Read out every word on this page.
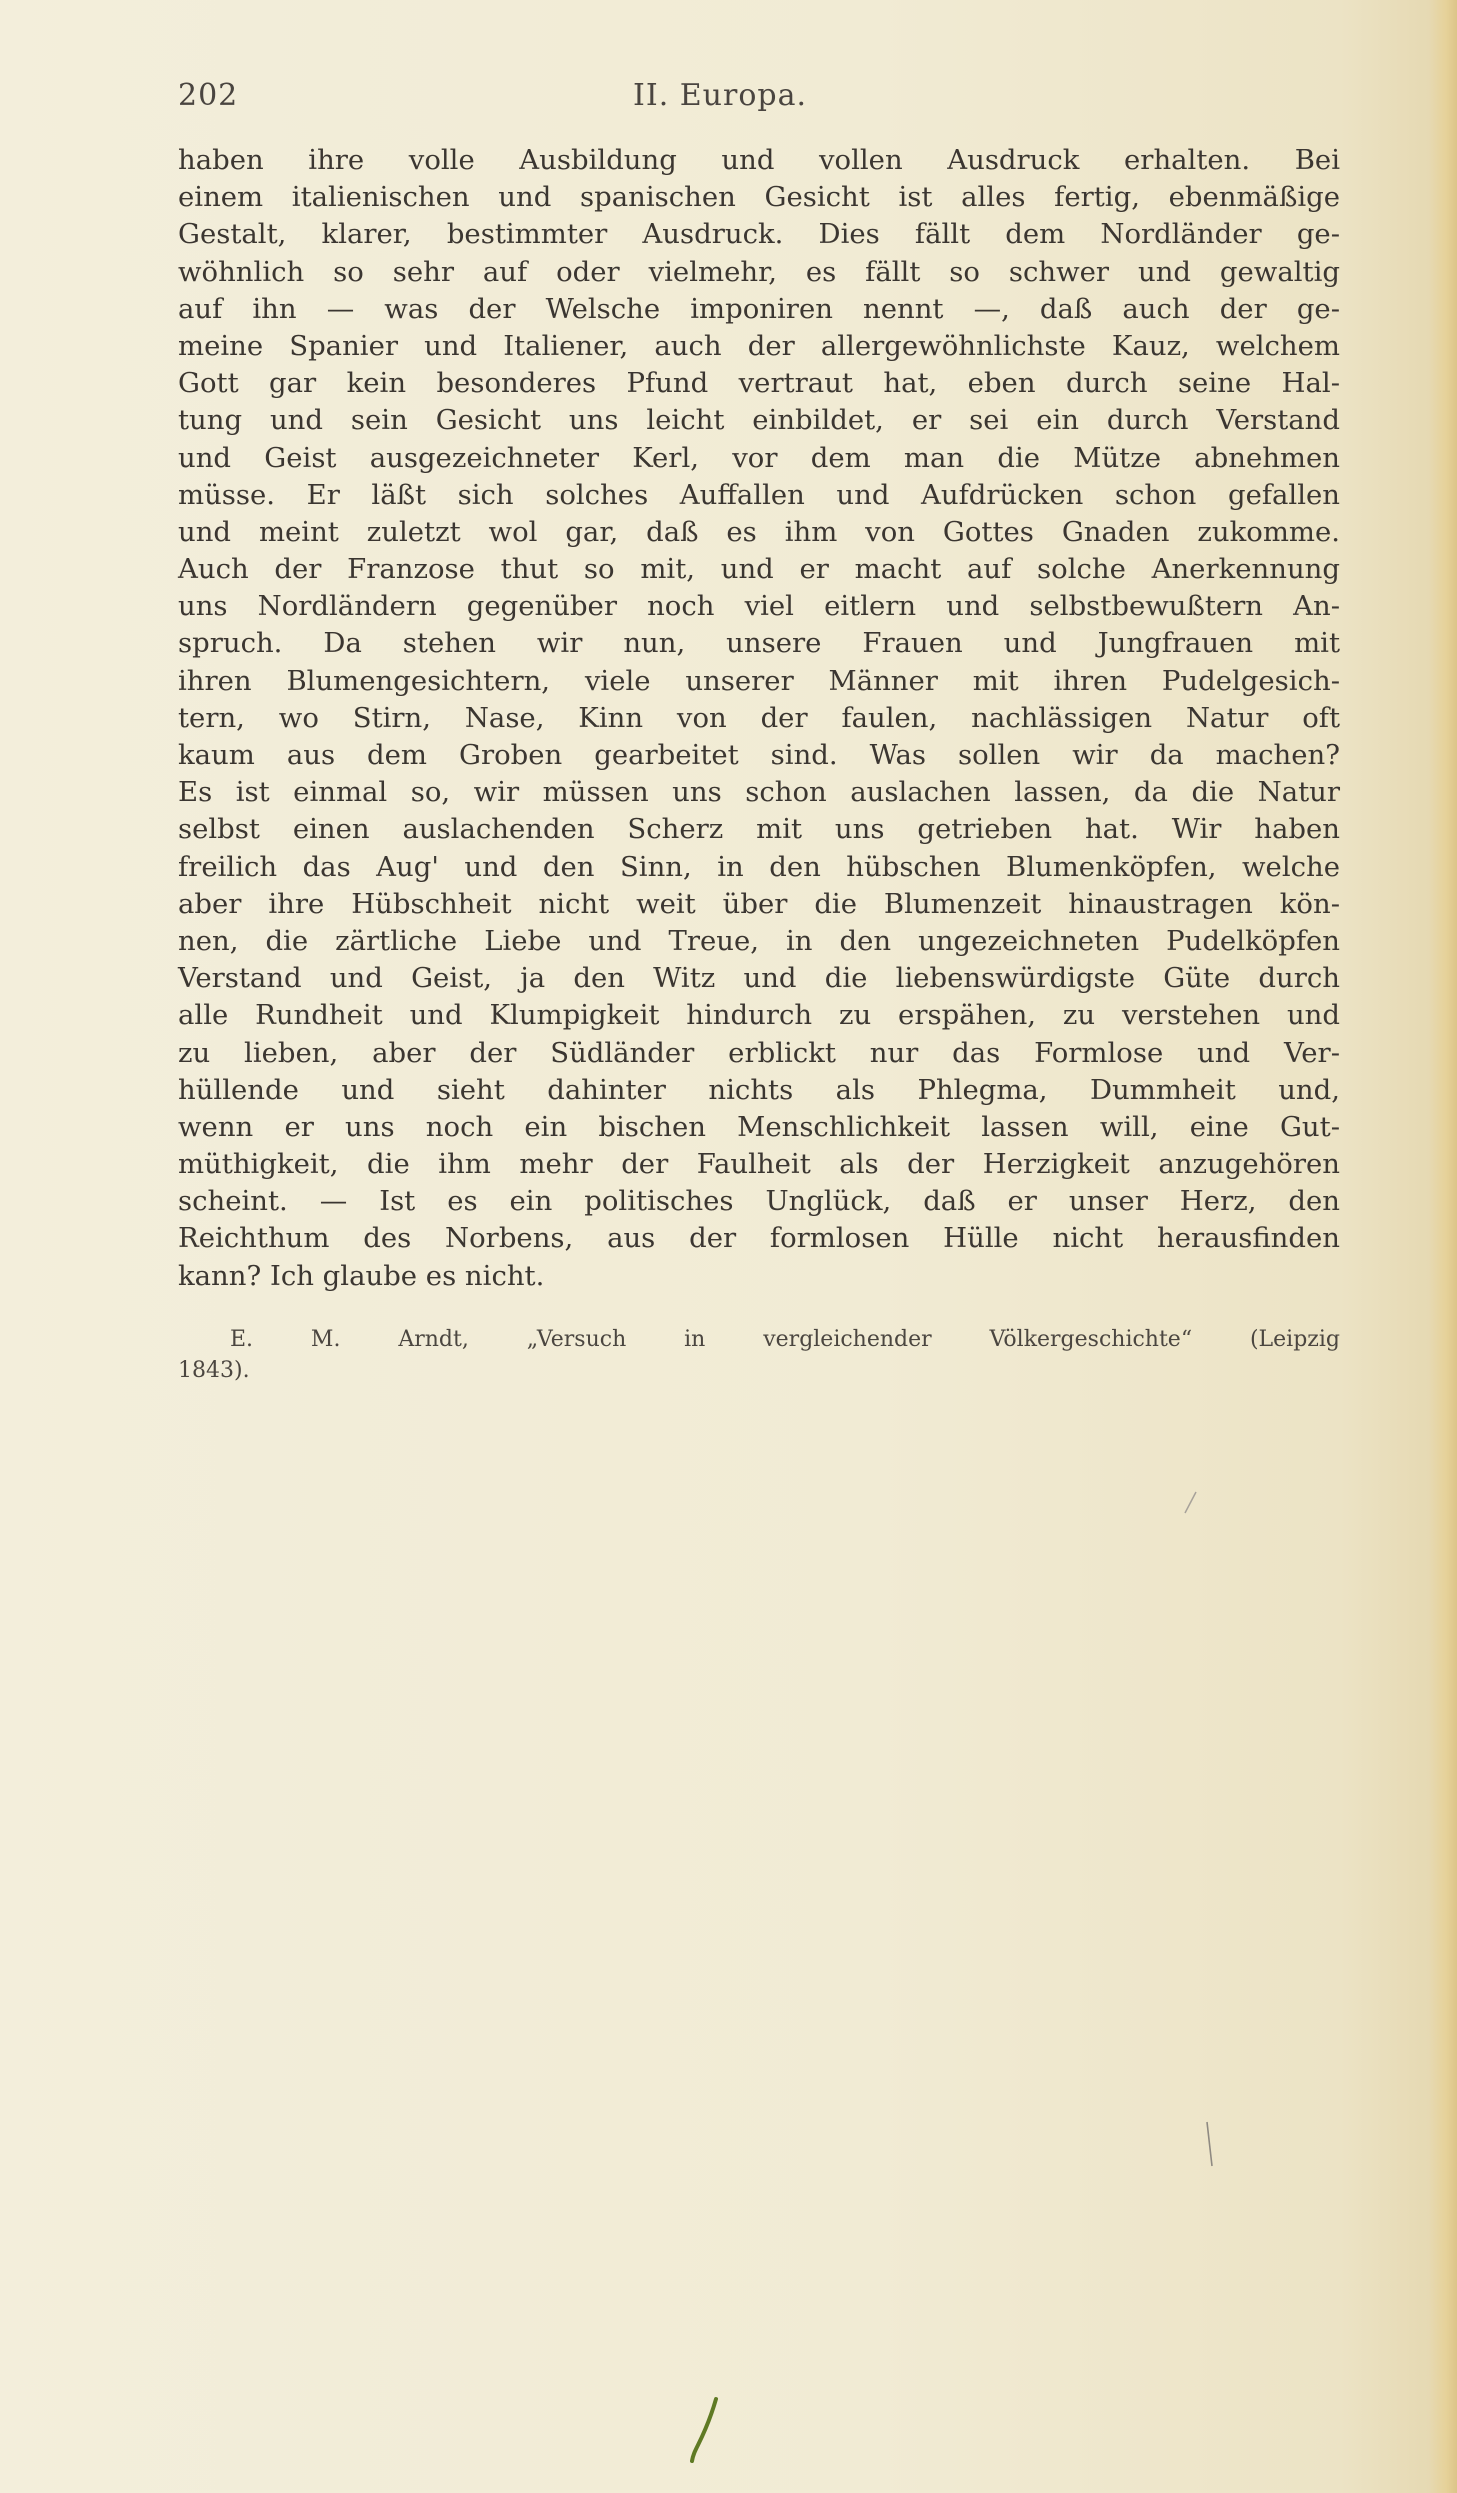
202	II. Europa.
haben ihre volle Ausbildung und vollen Ausdruck erhalten. Bei
einem italienischen und spanischen Gesicht ist alles fertig, ebenmäßige
Gestalt, klarer, bestimmter Ausdruck. Dies fällt dem Nordländer ge-
wöhnlich so sehr auf oder vielmehr, es fällt so schwer und gewaltig
auf ihn — was der Welsche imponiren nennt —, daß auch der ge-
meine Spanier und Italiener, auch der allergewöhnlichste Kauz, welchem
Gott gar kein besonderes Pfund vertraut hat, eben durch seine Hal-
tung und sein Gesicht uns leicht einbildet, er sei ein durch Verstand
und Geist ausgezeichneter Kerl, vor dem man die Mütze abnehmen
müsse. Er läßt sich solches Auffallen und Aufdrücken schon gefallen
und meint zuletzt wol gar, daß es ihm von Gottes Gnaden zukomme.
Auch der Franzose thut so mit, und er macht auf solche Anerkennung
uns Nordländern gegenüber noch viel eitlern und selbstbewußtern An-
spruch. Da stehen wir nun, unsere Frauen und Jungfrauen mit
ihren Blumengesichtern, viele unserer Männer mit ihren Pudelgesich-
tern, wo Stirn, Nase, Kinn von der faulen, nachlässigen Natur oft
kaum aus dem Groben gearbeitet sind. Was sollen wir da machen?
Es ist einmal so, wir müssen uns schon auslachen lassen, da die Natur
selbst einen auslachenden Scherz mit uns getrieben hat. Wir haben
freilich das Aug' und den Sinn, in den hübschen Blumenköpfen, welche
aber ihre Hübschheit nicht weit über die Blumenzeit hinaustragen kön-
nen, die zärtliche Liebe und Treue, in den ungezeichneten Pudelköpfen
Verstand und Geist, ja den Witz und die liebenswürdigste Güte durch
alle Rundheit und Klumpigkeit hindurch zu erspähen, zu verstehen und
zu lieben, aber der Südländer erblickt nur das Formlose und Ver-
hüllende und sieht dahinter nichts als Phlegma, Dummheit und,
wenn er uns noch ein bischen Menschlichkeit lassen will, eine Gut-
müthigkeit, die ihm mehr der Faulheit als der Herzigkeit anzugehören
scheint. — Ist es ein politisches Unglück, daß er unser Herz, den
Reichthum des Norbens, aus der formlosen Hülle nicht herausfinden
kann? Ich glaube es nicht.
E. M. Arndt, „Versuch in vergleichender Völkergeschichte“ (Leipzig
1843).
